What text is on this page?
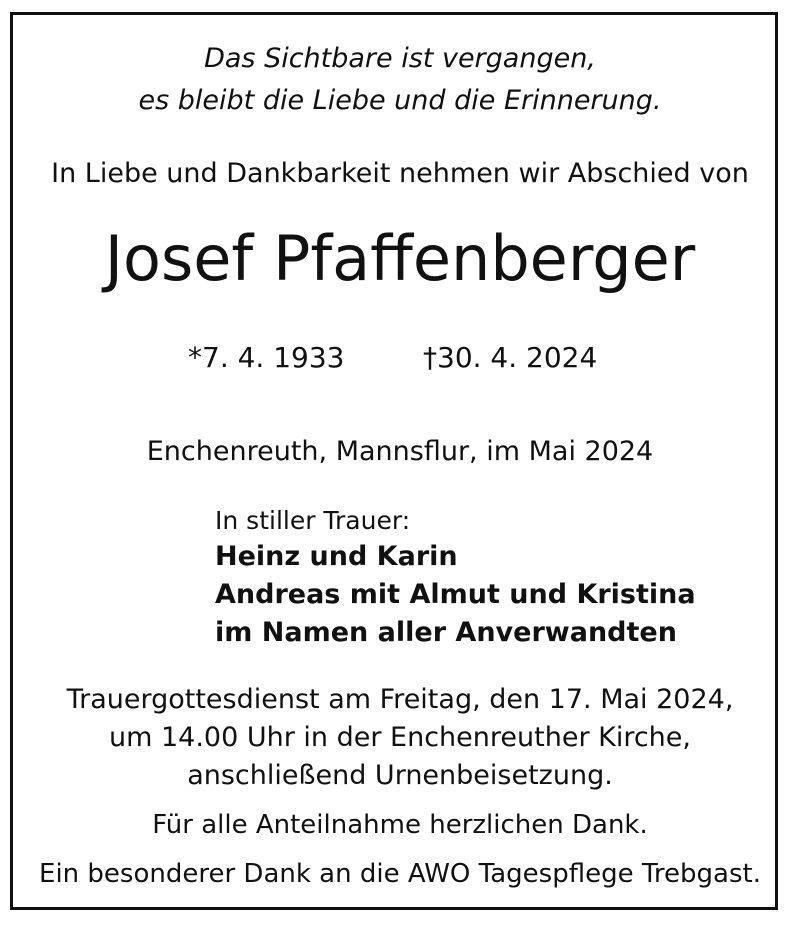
Das Sichtbare ist vergangen,
es bleibt die Liebe und die Erinnerung.
In Liebe und Dankbarkeit nehmen wir Abschied von
Josef Pfaffenberger
*7. 4. 1933	†30. 4. 2024
Enchenreuth, Mannsflur, im Mai 2024
In stiller Trauer:
Heinz und Karin
Andreas mit Almut und Kristina
im Namen aller Anverwandten
Trauergottesdienst am Freitag, den 17. Mai 2024,
um 14.00 Uhr in der Enchenreuther Kirche,
anschließend Urnenbeisetzung.
Für alle Anteilnahme herzlichen Dank.
Ein besonderer Dank an die AWO Tagespflege Trebgast.
